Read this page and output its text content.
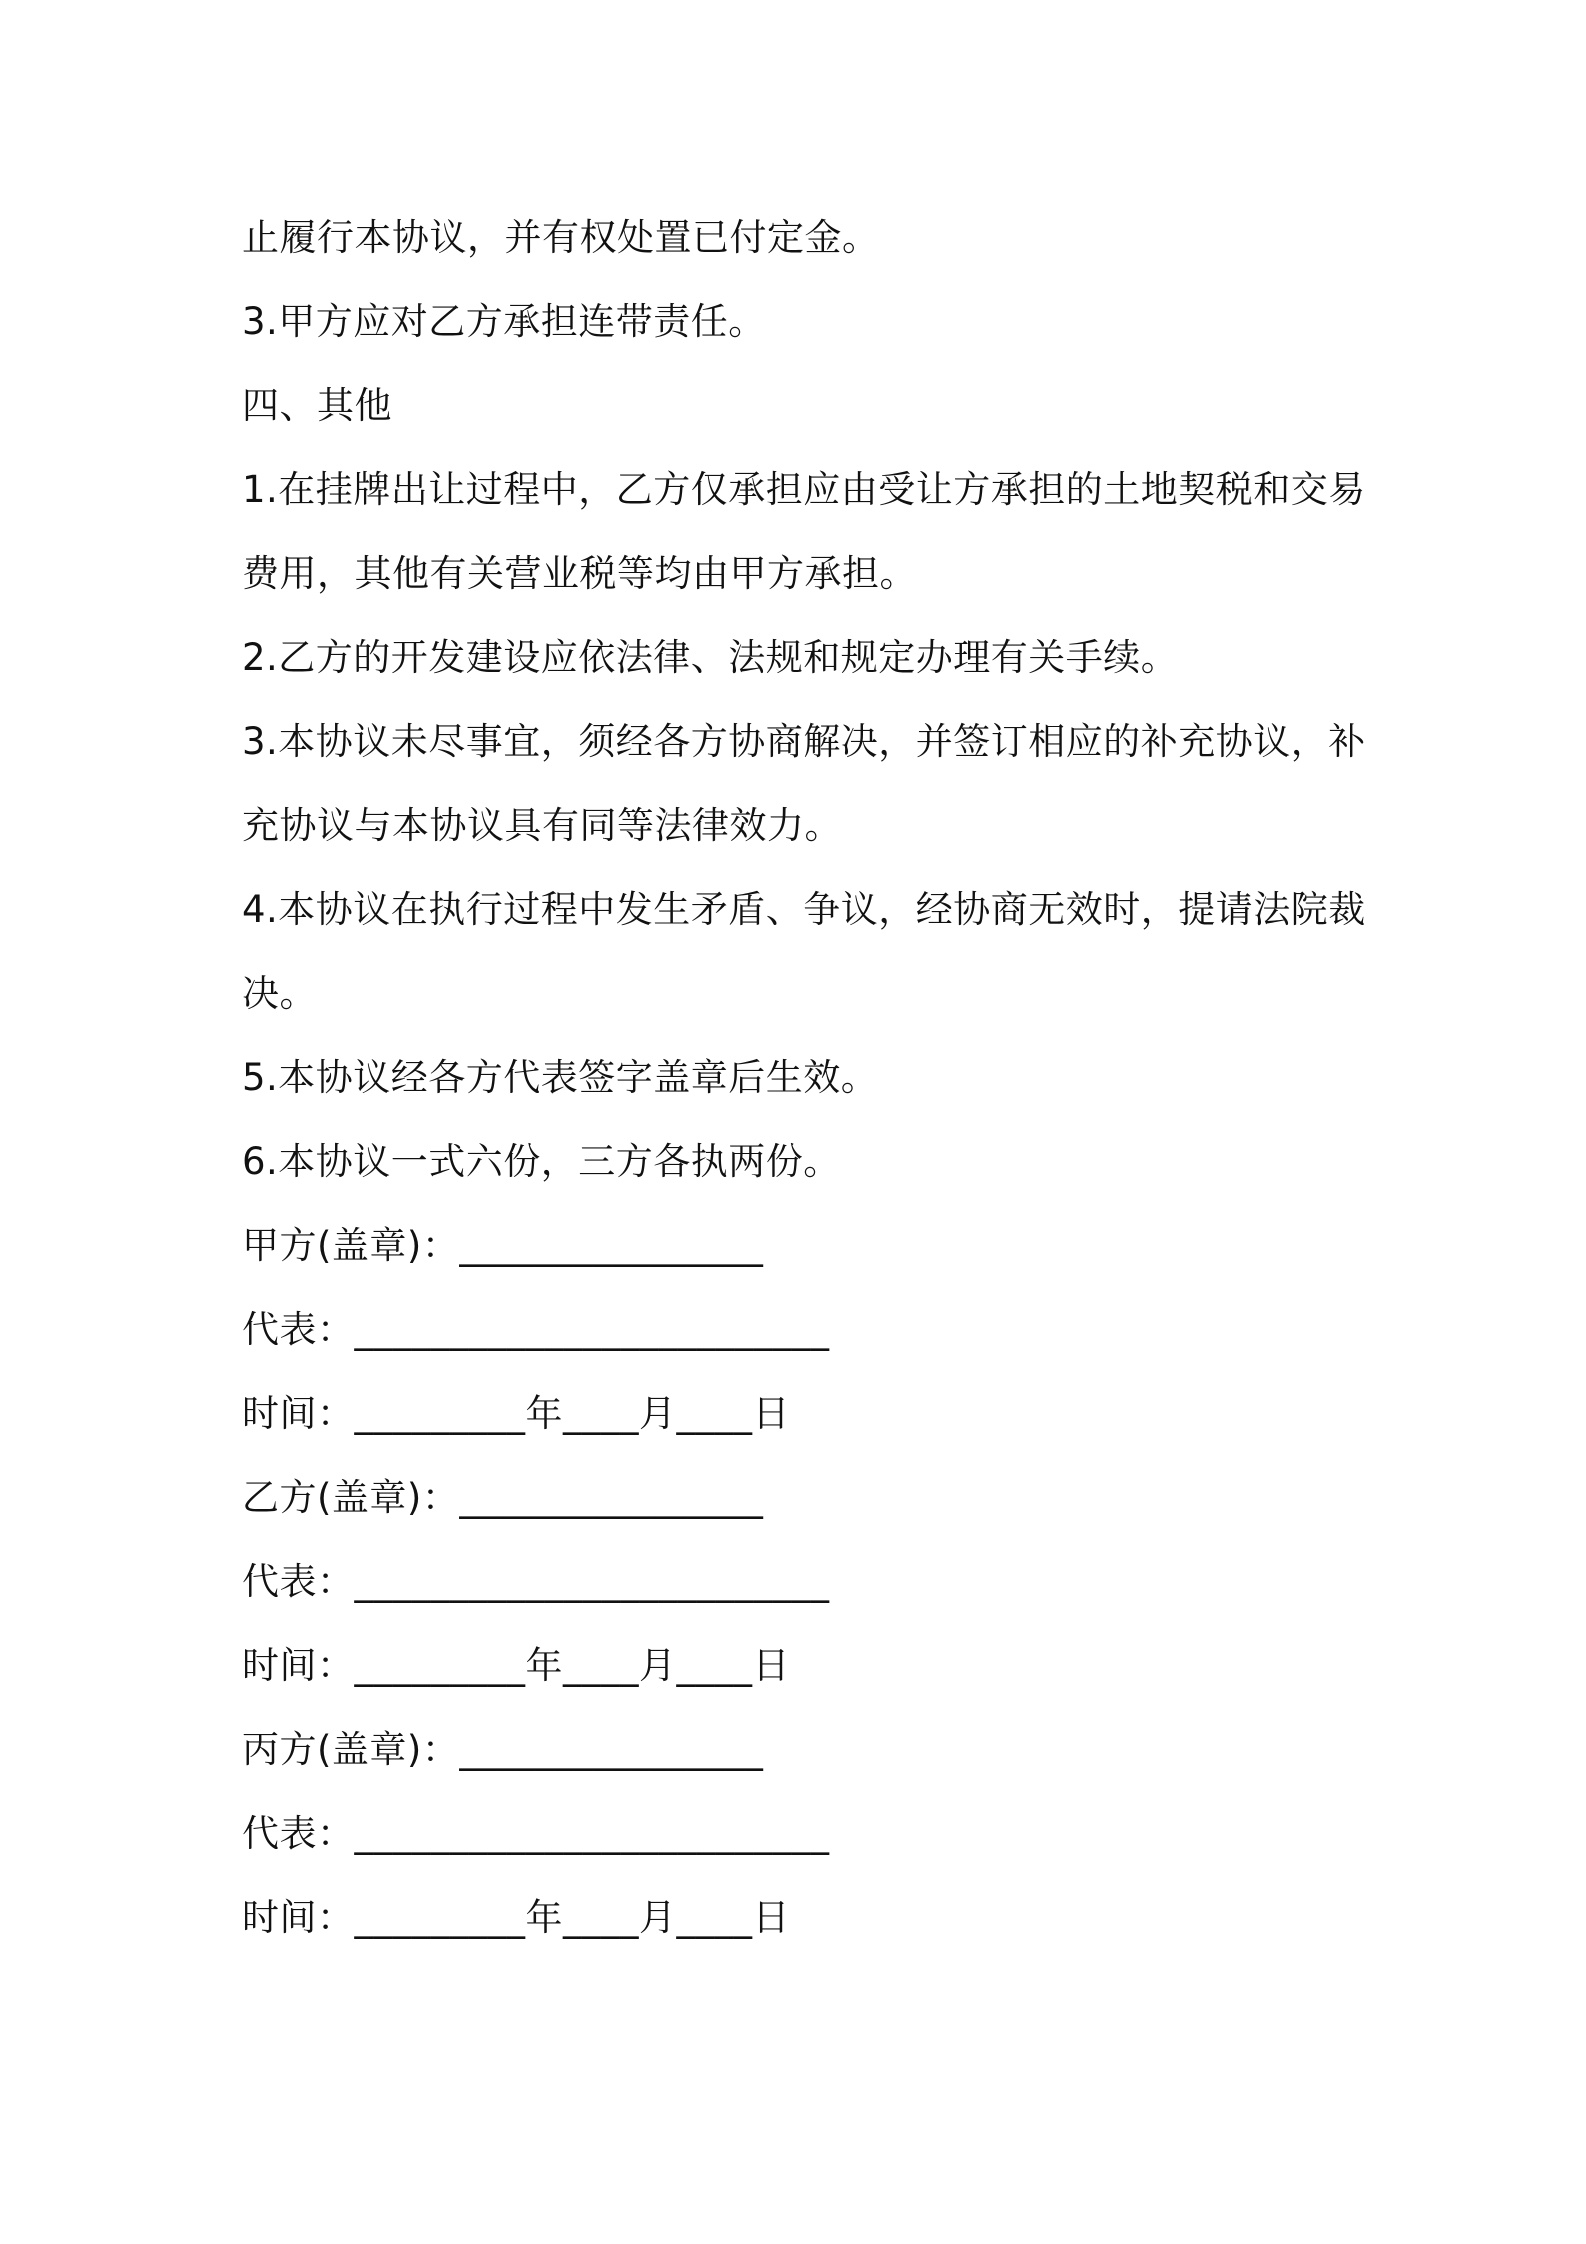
止履行本协议，并有权处置已付定金。
3.甲方应对乙方承担连带责任。
四、其他
1.在挂牌出让过程中，乙方仅承担应由受让方承担的土地契税和交易
费用，其他有关营业税等均由甲方承担。
2.乙方的开发建设应依法律、法规和规定办理有关手续。
3.本协议未尽事宜，须经各方协商解决，并签订相应的补充协议，补
充协议与本协议具有同等法律效力。
4.本协议在执行过程中发生矛盾、争议，经协商无效时，提请法院裁
决。
5.本协议经各方代表签字盖章后生效。
6.本协议一式六份，三方各执两份。
甲方(盖章)：________________
代表：_________________________
时间：_________年____月____日
乙方(盖章)：________________
代表：_________________________
时间：_________年____月____日
丙方(盖章)：________________
代表：_________________________
时间：_________年____月____日
